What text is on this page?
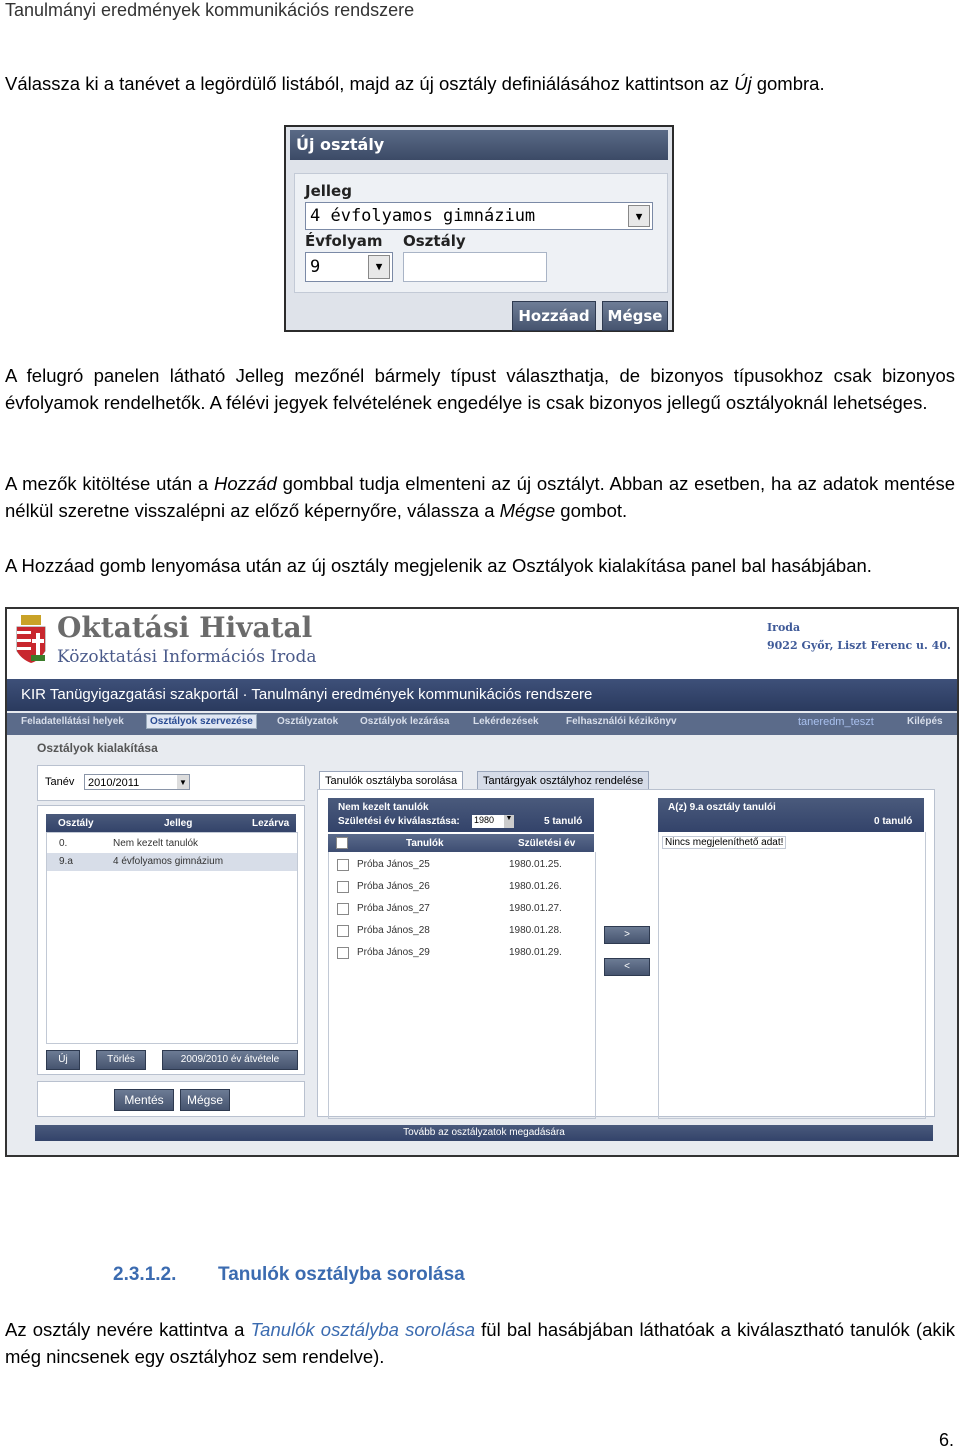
Tanulmányi eredmények kommunikációs rendszere
Válassza ki a tanévet a legördülő listából, majd az új osztály definiálásához kattintson az Új gombra.
Új osztály
Jelleg
4 évfolyamos gimnázium	▼
Évfolyam Osztály
9	▼
Hozzáad	Mégse
A felugró panelen látható Jelleg mezőnél bármely típust választhatja, de bizonyos típusokhoz csak bizonyos évfolyamok rendelhetők. A félévi jegyek felvételének engedélye is csak bizonyos jellegű osztályoknál lehetséges.
A mezők kitöltése után a Hozzád gombbal tudja elmenteni az új osztályt. Abban az esetben, ha az adatok mentése nélkül szeretne visszalépni az előző képernyőre, válassza a Mégse gombot.
A Hozzáad gomb lenyomása után az új osztály megjelenik az Osztályok kialakítása panel bal hasábjában.
Oktatási Hivatal
Közoktatási Információs Iroda
Iroda
9022 Győr, Liszt Ferenc u. 40.
KIR Tanügyigazgatási szakportál · Tanulmányi eredmények kommunikációs rendszere
Feladatellátási helyek	Osztályok szervezése	Osztályzatok Osztályok lezárása Lekérdezések	Felhasználói kézikönyv	taneredm_teszt	Kilépés
Osztályok kialakítása
Tanév	2010/2011	▼
Osztály	Jelleg	Lezárva
0.	Nem kezelt tanulók
9.a	4 évfolyamos gimnázium
Új	Törlés	2009/2010 év átvétele
Mentés	Mégse
Tanulók osztályba sorolása	Tantárgyak osztályhoz rendelése
Nem kezelt tanulók
Születési év kiválasztása: 1980 ▼	5 tanuló
Tanulók	Születési év
Próba János_25	1980.01.25.
Próba János_26	1980.01.26.
Próba János_27	1980.01.27.
Próba János_28	1980.01.28.
Próba János_29	1980.01.29.
>
<
A(z) 9.a osztály tanulói
0 tanuló
Nincs megjeleníthető adat!
Tovább az osztályzatok megadására
2.3.1.2. Tanulók osztályba sorolása
Az osztály nevére kattintva a Tanulók osztályba sorolása fül bal hasábjában láthatóak a kiválasztható tanulók (akik még nincsenek egy osztályhoz sem rendelve).
6.
